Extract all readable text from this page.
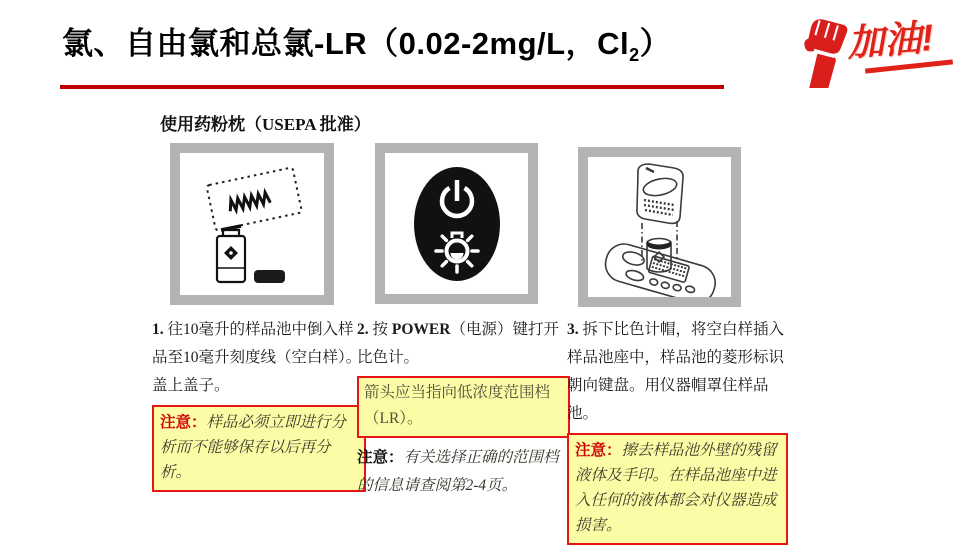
氯、自由氯和总氯-LR（0.02-2mg/L，$Cl_2$）	加油!
使用药粉枕（USEPA 批准）

1. 往10毫升的样品池中倒入样品至10毫升刻度线（空白样）。盖上盖子。

注意：样品必须立即进行分析而不能够保存以后再分析。

2. 按 POWER（电源）键打开比色计。

箭头应当指向低浓度范围档（LR）。

注意：有关选择正确的范围档的信息请查阅第2-4页。

3. 拆下比色计帽，将空白样插入样品池座中，样品池的菱形标识朝向键盘。用仪器帽罩住样品池。

注意：擦去样品池外壁的残留液体及手印。在样品池座中进入任何的液体都会对仪器造成损害。
